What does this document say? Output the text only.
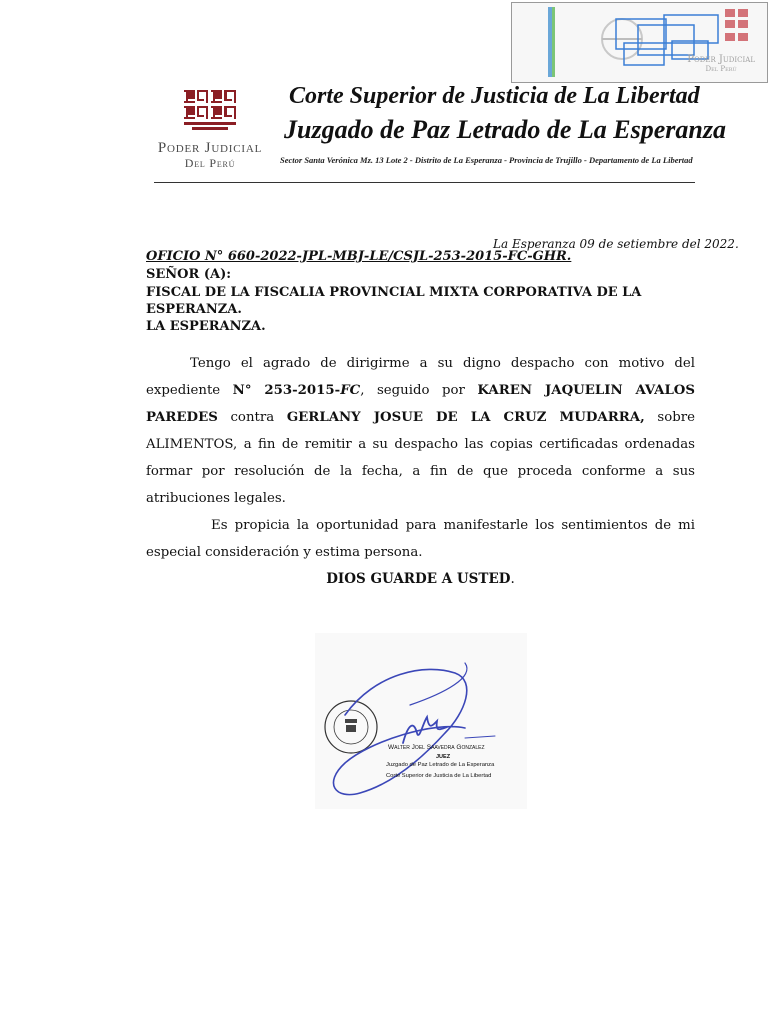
Poder Judicial
Del Perú
Poder Judicial
Del Perú
Corte Superior de Justicia de La Libertad
Juzgado de Paz Letrado de La Esperanza
Sector Santa Verónica Mz. 13 Lote 2 - Distrito de La Esperanza - Provincia de Trujillo - Departamento de La Libertad
La Esperanza 09 de setiembre del 2022.
OFICIO N° 660-2022-JPL-MBJ-LE/CSJL-253-2015-FC-GHR.
SEÑOR (A):
FISCAL DE LA FISCALIA PROVINCIAL MIXTA CORPORATIVA DE LA
ESPERANZA.
LA ESPERANZA.
Tengo el agrado de dirigirme a su digno despacho con motivo del
expediente N° 253-2015-FC, seguido por KAREN JAQUELIN AVALOS
PAREDES contra GERLANY JOSUE DE LA CRUZ MUDARRA, sobre
ALIMENTOS, a fin de remitir a su despacho las copias certificadas ordenadas
formar por resolución de la fecha, a fin de que proceda conforme a sus
atribuciones legales.
Es propicia la oportunidad para manifestarle los sentimientos de mi
especial consideración y estima persona.
DIOS GUARDE A USTED.
Walter Joel Saavedra Gonzalez
JUEZ
Juzgado de Paz Letrado de La Esperanza
Corte Superior de Justicia de La Libertad
